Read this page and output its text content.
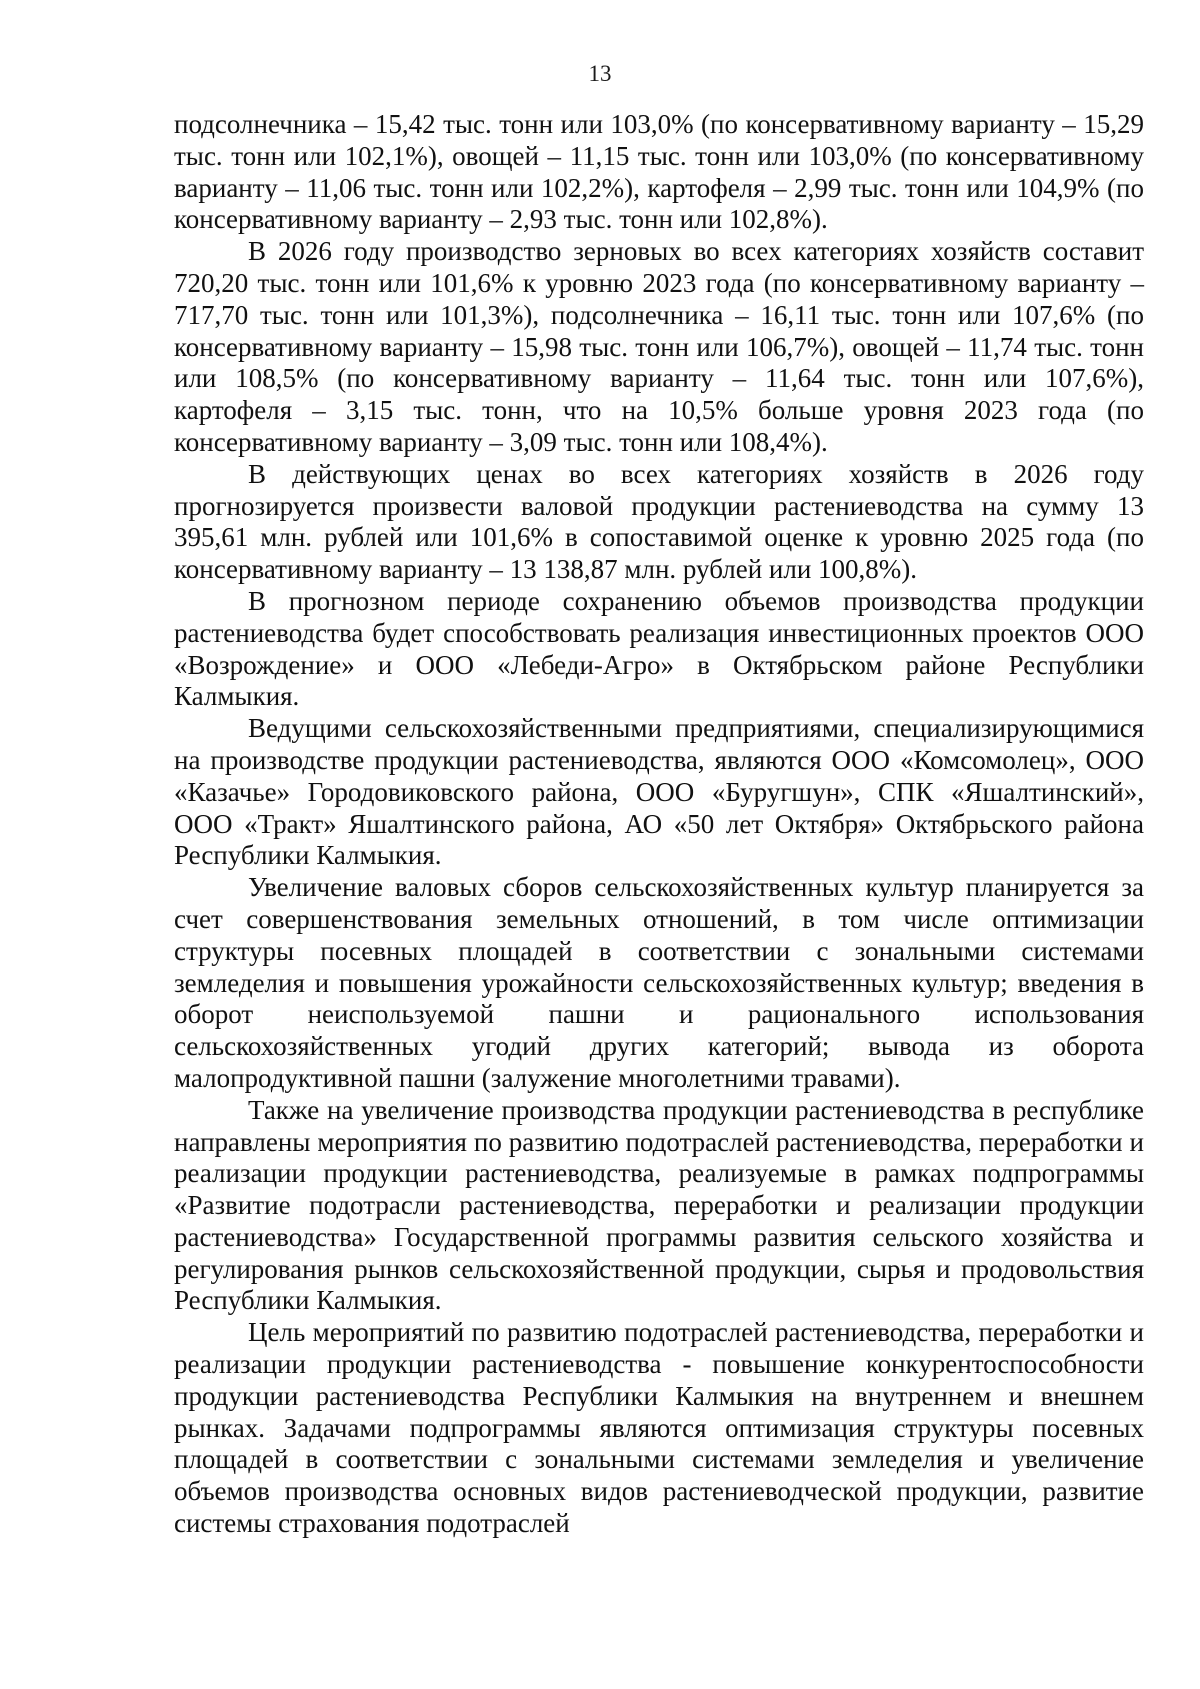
13

подсолнечника – 15,42 тыс. тонн или 103,0% (по консервативному варианту – 15,29 тыс. тонн или 102,1%), овощей – 11,15 тыс. тонн или 103,0% (по консервативному варианту – 11,06 тыс. тонн или 102,2%), картофеля – 2,99 тыс. тонн или 104,9% (по консервативному варианту – 2,93 тыс. тонн или 102,8%).

В 2026 году производство зерновых во всех категориях хозяйств составит 720,20 тыс. тонн или 101,6% к уровню 2023 года (по консервативному варианту – 717,70 тыс. тонн или 101,3%), подсолнечника – 16,11 тыс. тонн или 107,6% (по консервативному варианту – 15,98 тыс. тонн или 106,7%), овощей – 11,74 тыс. тонн или 108,5% (по консервативному варианту – 11,64 тыс. тонн или 107,6%), картофеля – 3,15 тыс. тонн, что на 10,5% больше уровня 2023 года (по консервативному варианту – 3,09 тыс. тонн или 108,4%).

В действующих ценах во всех категориях хозяйств в 2026 году прогнозируется произвести валовой продукции растениеводства на сумму 13 395,61 млн. рублей или 101,6% в сопоставимой оценке к уровню 2025 года (по консервативному варианту – 13 138,87 млн. рублей или 100,8%).

В прогнозном периоде сохранению объемов производства продукции растениеводства будет способствовать реализация инвестиционных проектов ООО «Возрождение» и ООО «Лебеди-Агро» в Октябрьском районе Республики Калмыкия.

Ведущими сельскохозяйственными предприятиями, специализирующимися на производстве продукции растениеводства, являются ООО «Комсомолец», ООО «Казачье» Городовиковского района, ООО «Буругшун», СПК «Яшалтинский», ООО «Тракт» Яшалтинского района, АО «50 лет Октября» Октябрьского района Республики Калмыкия.

Увеличение валовых сборов сельскохозяйственных культур планируется за счет совершенствования земельных отношений, в том числе оптимизации структуры посевных площадей в соответствии с зональными системами земледелия и повышения урожайности сельскохозяйственных культур; введения в оборот неиспользуемой пашни и рационального использования сельскохозяйственных угодий других категорий; вывода из оборота малопродуктивной пашни (залужение многолетними травами).

Также на увеличение производства продукции растениеводства в республике направлены мероприятия по развитию подотраслей растениеводства, переработки и реализации продукции растениеводства, реализуемые в рамках подпрограммы «Развитие подотрасли растениеводства, переработки и реализации продукции растениеводства» Государственной программы развития сельского хозяйства и регулирования рынков сельскохозяйственной продукции, сырья и продовольствия Республики Калмыкия.

Цель мероприятий по развитию подотраслей растениеводства, переработки и реализации продукции растениеводства - повышение конкурентоспособности продукции растениеводства Республики Калмыкия на внутреннем и внешнем рынках. Задачами подпрограммы являются оптимизация структуры посевных площадей в соответствии с зональными системами земледелия и увеличение объемов производства основных видов растениеводческой продукции, развитие системы страхования подотраслей
